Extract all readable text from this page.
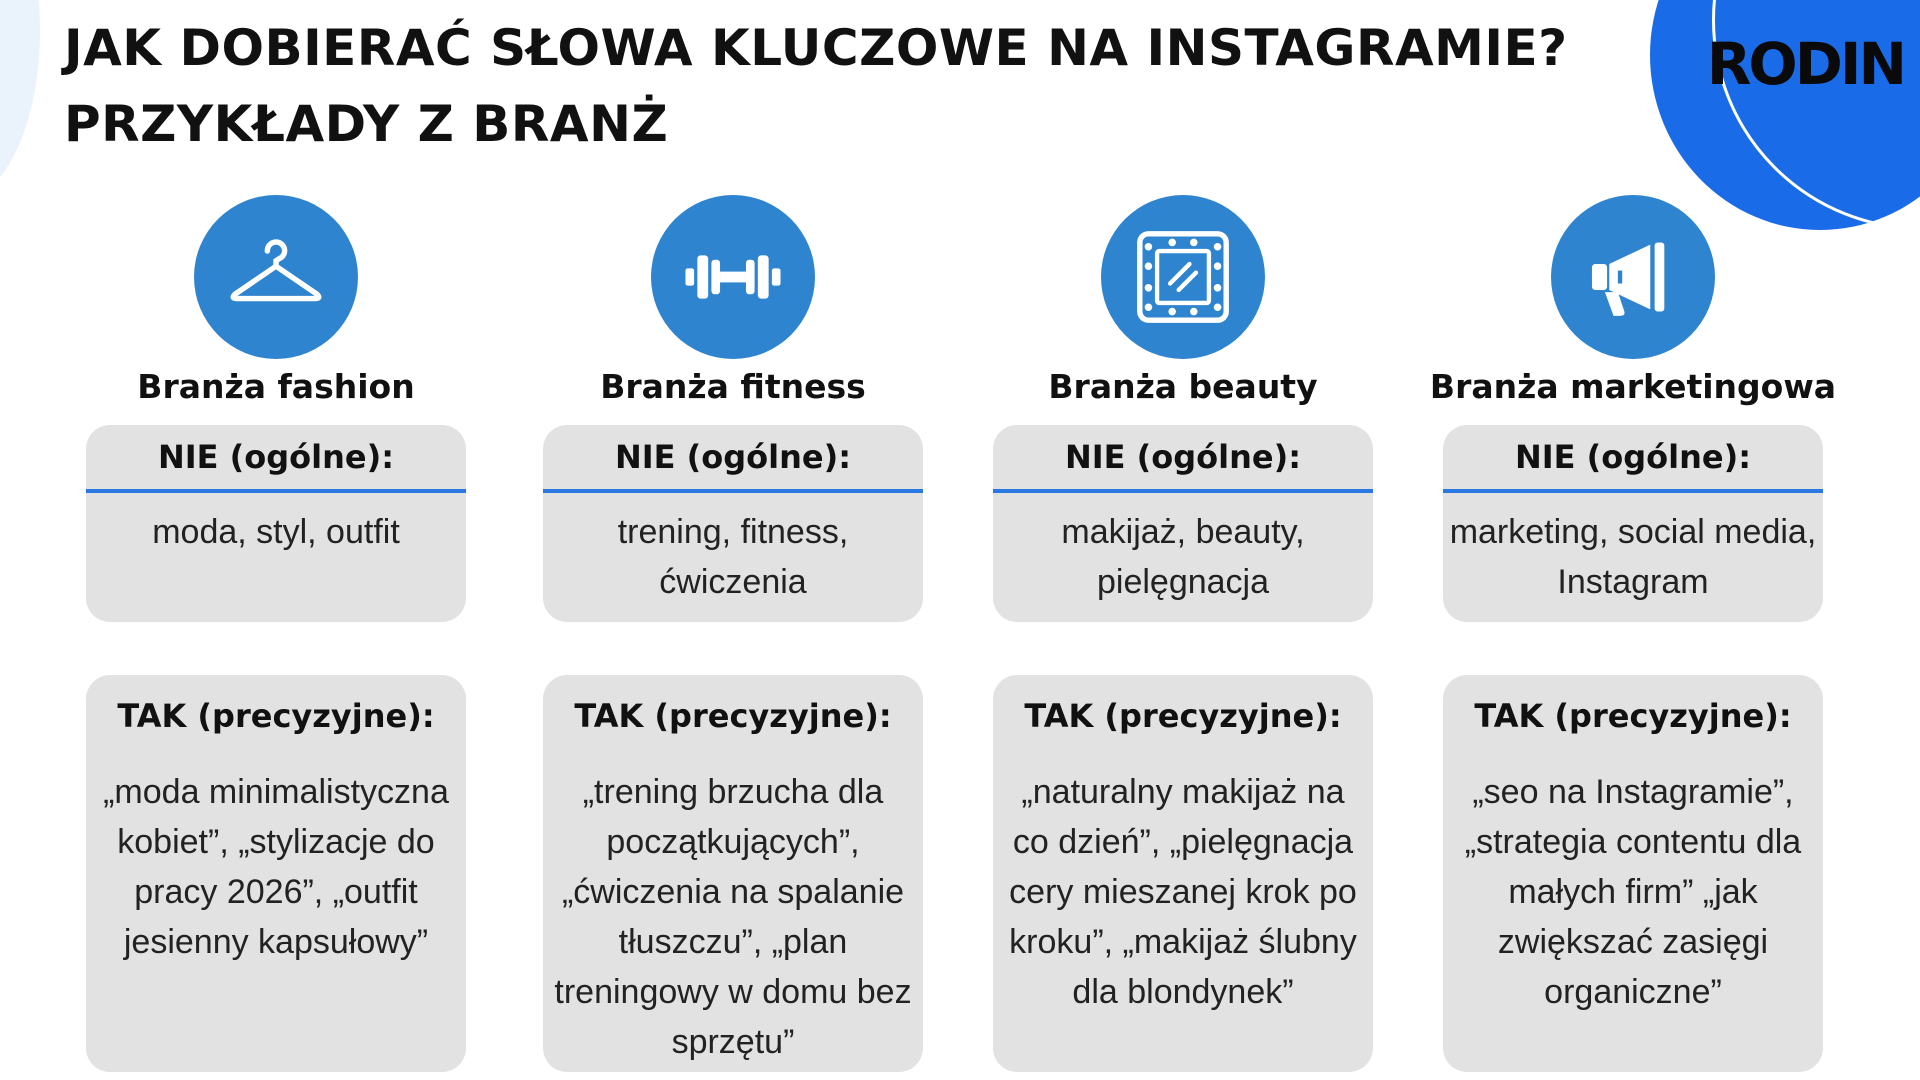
JAK DOBIERAĆ SŁOWA KLUCZOWE NA INSTAGRAMIE?
PRZYKŁADY Z BRANŻ
RODIN
Branża fashion
NIE (ogólne):
moda, styl, outfit
TAK (precyzyjne):
„moda minimalistyczna kobiet”, „stylizacje do pracy 2026”, „outfit jesienny kapsułowy”
Branża fitness
NIE (ogólne):
trening, fitness, ćwiczenia
TAK (precyzyjne):
„trening brzucha dla początkujących”, „ćwiczenia na spalanie tłuszczu”, „plan treningowy w domu bez sprzętu”
Branża beauty
NIE (ogólne):
makijaż, beauty, pielęgnacja
TAK (precyzyjne):
„naturalny makijaż na co dzień”, „pielęgnacja cery mieszanej krok po kroku”, „makijaż ślubny dla blondynek”
Branża marketingowa
NIE (ogólne):
marketing, social media, Instagram
TAK (precyzyjne):
„seo na Instagramie”, „strategia contentu dla małych firm” „jak zwiększać zasięgi organiczne”
